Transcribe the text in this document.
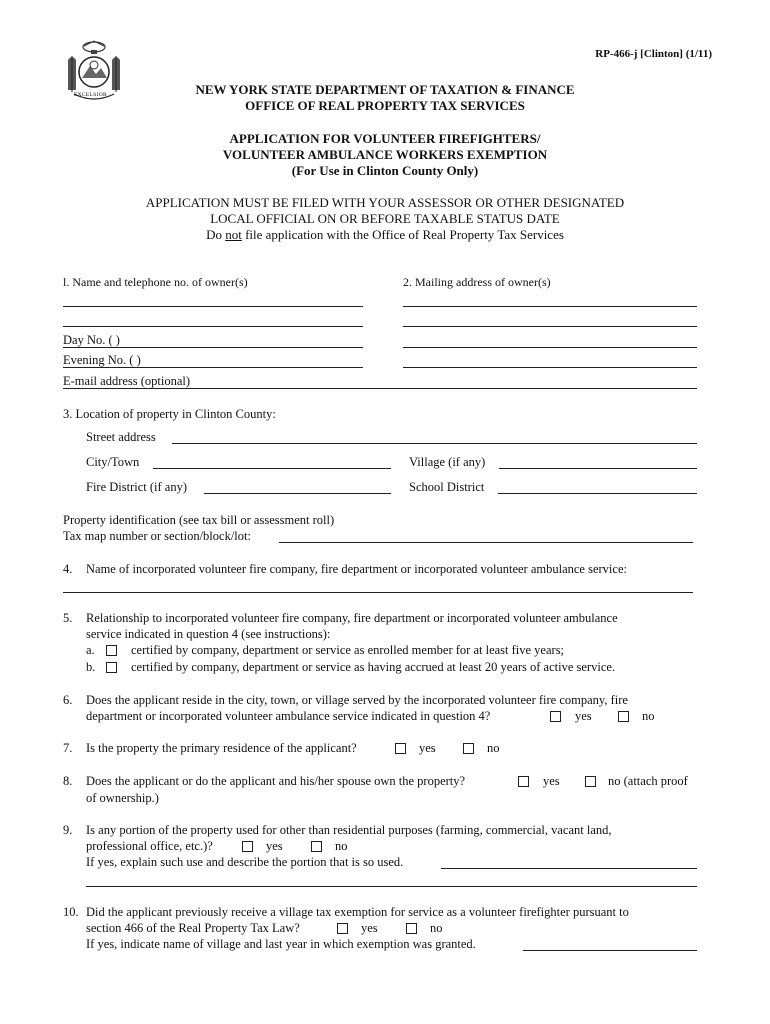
EXCELSIOR
RP-466-j [Clinton] (1/11)
NEW YORK STATE DEPARTMENT OF TAXATION & FINANCE
OFFICE OF REAL PROPERTY TAX SERVICES
APPLICATION FOR VOLUNTEER FIREFIGHTERS/
VOLUNTEER AMBULANCE WORKERS EXEMPTION
(For Use in Clinton County Only)
APPLICATION MUST BE FILED WITH YOUR ASSESSOR OR OTHER DESIGNATED
LOCAL OFFICIAL ON OR BEFORE TAXABLE STATUS DATE
Do not file application with the Office of Real Property Tax Services
l. Name and telephone no. of owner(s)	2. Mailing address of owner(s)
Day No. ( )
Evening No. ( )
E-mail address (optional)
3. Location of property in Clinton County:
Street address
City/Town	Village (if any)
Fire District (if any)	School District
Property identification (see tax bill or assessment roll)
Tax map number or section/block/lot:
4. Name of incorporated volunteer fire company, fire department or incorporated volunteer ambulance service:
5. Relationship to incorporated volunteer fire company, fire department or incorporated volunteer ambulance
service indicated in question 4 (see instructions):
a.	certified by company, department or service as enrolled member for at least five years;
b.	certified by company, department or service as having accrued at least 20 years of active service.
6. Does the applicant reside in the city, town, or village served by the incorporated volunteer fire company, fire
department or incorporated volunteer ambulance service indicated in question 4?	yes	no
7. Is the property the primary residence of the applicant?	yes	no
8. Does the applicant or do the applicant and his/her spouse own the property?	yes	no (attach proof
of ownership.)
9. Is any portion of the property used for other than residential purposes (farming, commercial, vacant land,
professional office, etc.)?	yes	no
If yes, explain such use and describe the portion that is so used.
10. Did the applicant previously receive a village tax exemption for service as a volunteer firefighter pursuant to
section 466 of the Real Property Tax Law?	yes	no
If yes, indicate name of village and last year in which exemption was granted.
